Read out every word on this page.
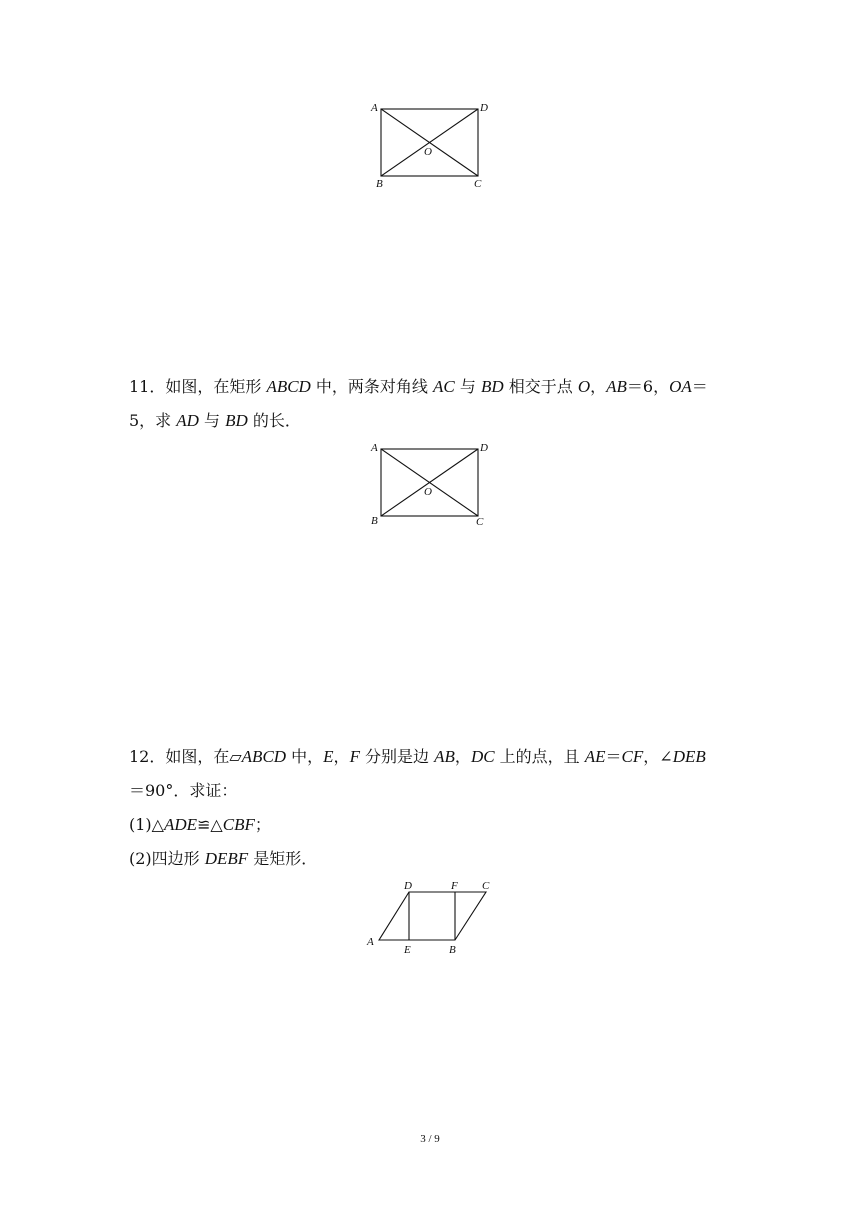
A	D
O
B	C

11．如图，在矩形 ABCD 中，两条对角线 AC 与 BD 相交于点 O，AB＝6，OA＝

5，求 AD 与 BD 的长．

A	D
O
B	C

12．如图，在▱ABCD 中，E，F 分别是边 AB，DC 上的点，且 AE＝CF，∠DEB

＝90°．求证：

(1)△ADE≌△CBF；

(2)四边形 DEBF 是矩形．

D	F C
A
E	B
3 / 9
